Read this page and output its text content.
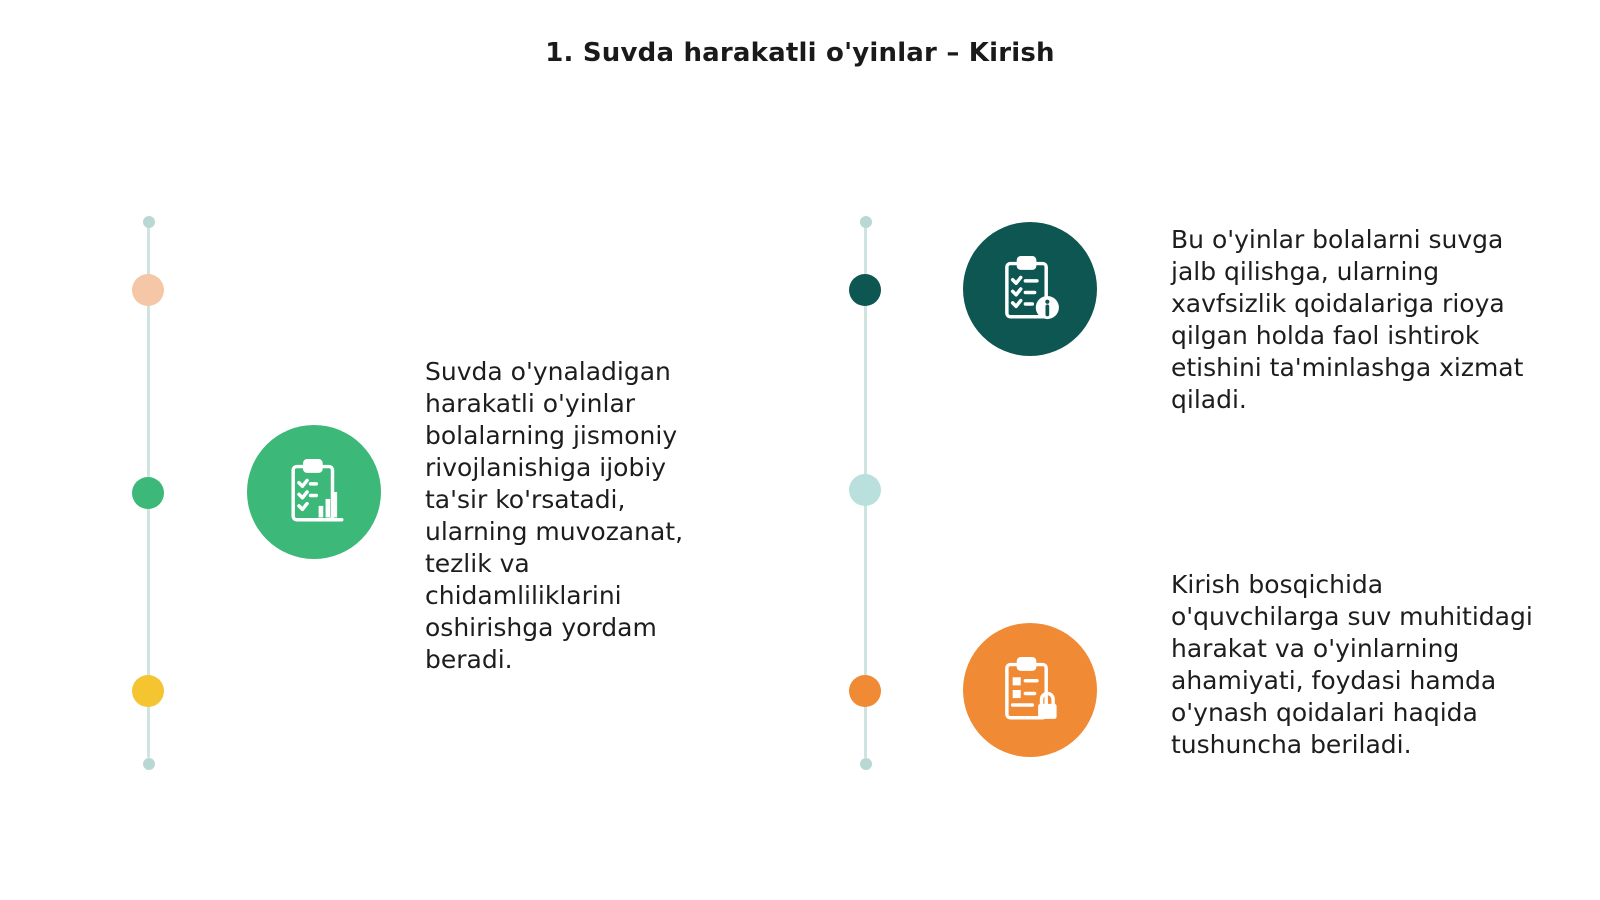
1. Suvda harakatli o'yinlar – Kirish
Suvda o'ynaladigan harakatli o'yinlar bolalarning jismoniy rivojlanishiga ijobiy ta'sir ko'rsatadi, ularning muvozanat, tezlik va chidamliliklarini oshirishga yordam beradi.
Bu o'yinlar bolalarni suvga jalb qilishga, ularning xavfsizlik qoidalariga rioya qilgan holda faol ishtirok etishini ta'minlashga xizmat qiladi.
Kirish bosqichida o'quvchilarga suv muhitidagi harakat va o'yinlarning ahamiyati, foydasi hamda o'ynash qoidalari haqida tushuncha beriladi.
